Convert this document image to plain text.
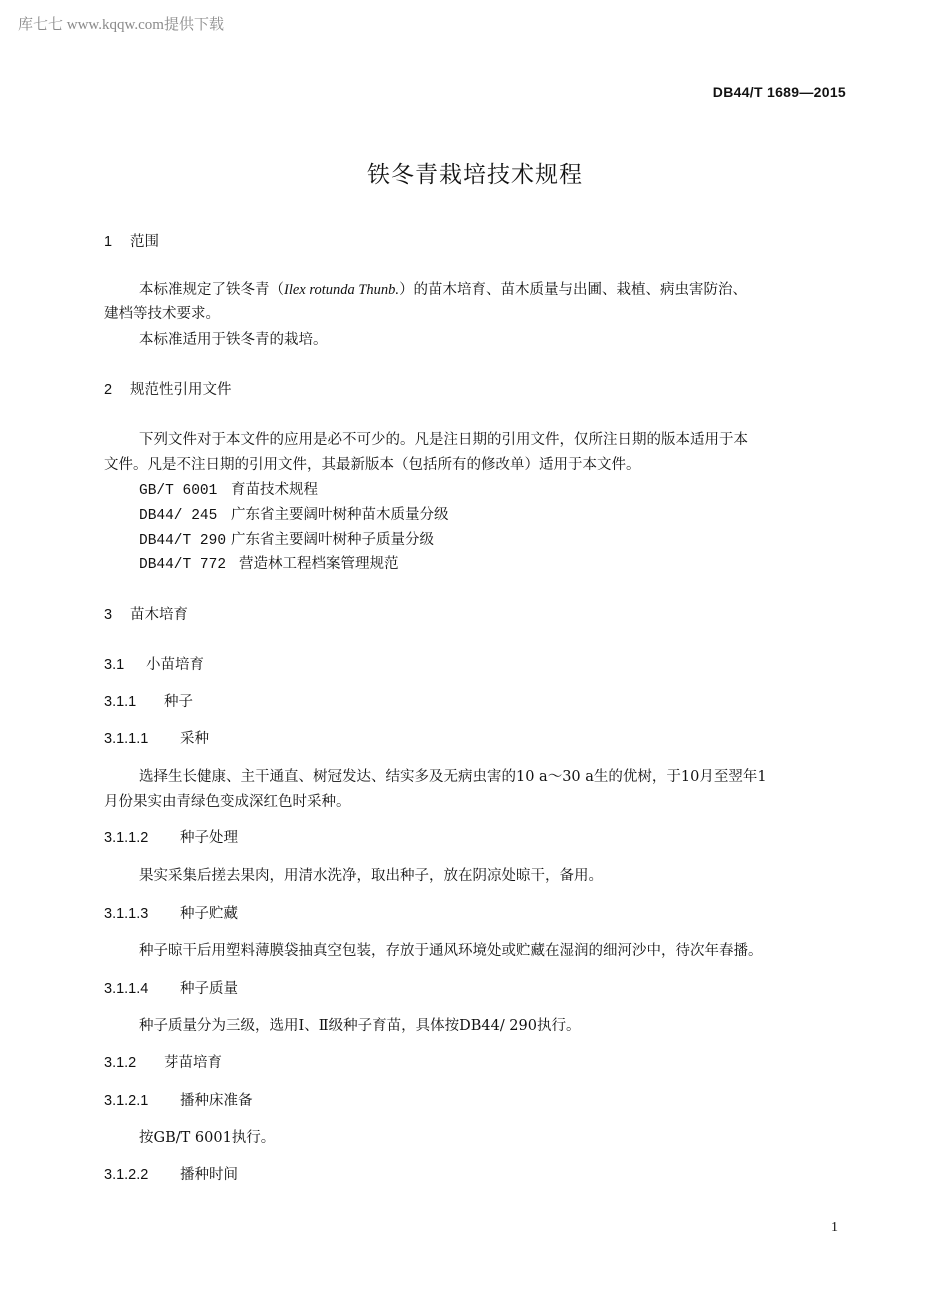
库七七 www.kqqw.com提供下载
DB44/T 1689—2015
铁冬青栽培技术规程
1 范围
本标准规定了铁冬青（Ilex rotunda Thunb.）的苗木培育、苗木质量与出圃、栽植、病虫害防治、
建档等技术要求。
本标准适用于铁冬青的栽培。
2 规范性引用文件
下列文件对于本文件的应用是必不可少的。凡是注日期的引用文件，仅所注日期的版本适用于本
文件。凡是不注日期的引用文件，其最新版本（包括所有的修改单）适用于本文件。
GB/T 6001 育苗技术规程
DB44/ 245 广东省主要阔叶树种苗木质量分级
DB44/T 290 广东省主要阔叶树种子质量分级
DB44/T 772 营造林工程档案管理规范
3 苗木培育
3.1 小苗培育
3.1.1 种子
3.1.1.1 采种
选择生长健康、主干通直、树冠发达、结实多及无病虫害的10 a～30 a生的优树，于10月至翌年1
月份果实由青绿色变成深红色时采种。
3.1.1.2 种子处理
果实采集后搓去果肉，用清水洗净，取出种子，放在阴凉处晾干，备用。
3.1.1.3 种子贮藏
种子晾干后用塑料薄膜袋抽真空包装，存放于通风环境处或贮藏在湿润的细河沙中，待次年春播。
3.1.1.4 种子质量
种子质量分为三级，选用Ⅰ、Ⅱ级种子育苗，具体按DB44/ 290执行。
3.1.2 芽苗培育
3.1.2.1 播种床准备
按GB/T 6001执行。
3.1.2.2 播种时间
1
